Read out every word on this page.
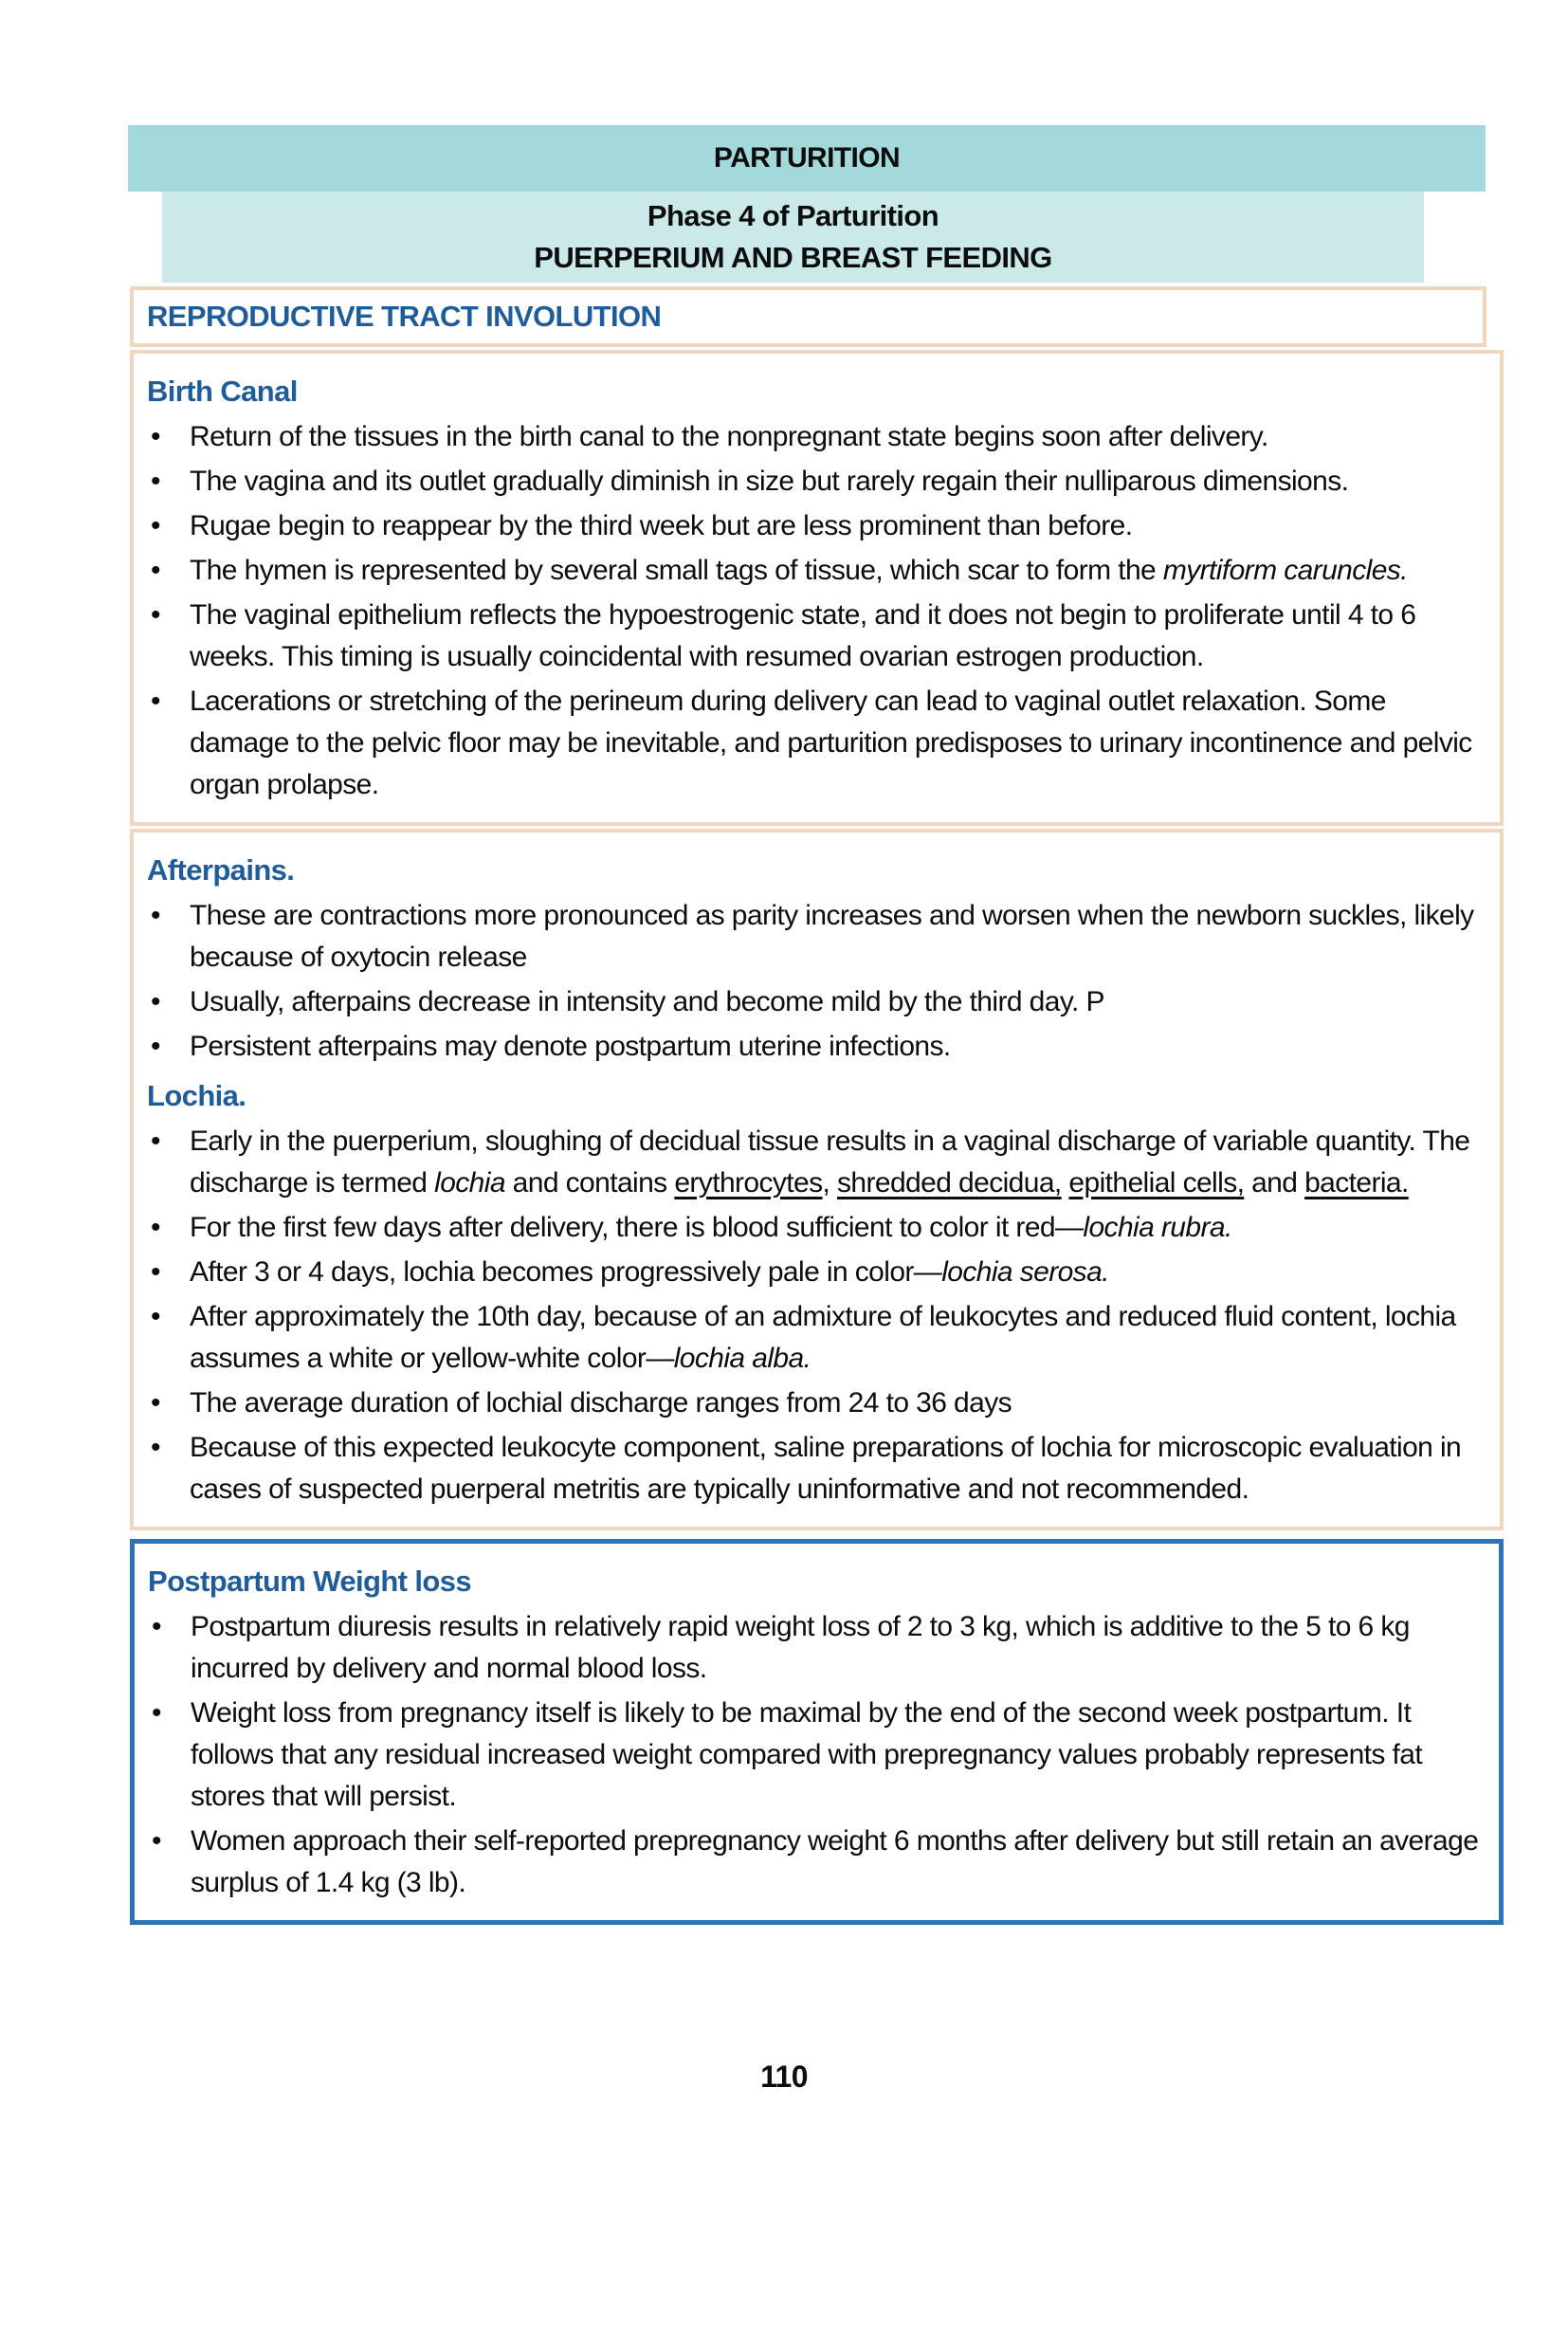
PARTURITION
Phase 4 of Parturition
PUERPERIUM AND BREAST FEEDING
REPRODUCTIVE TRACT INVOLUTION
Birth Canal
• Return of the tissues in the birth canal to the nonpregnant state begins soon after delivery.
• The vagina and its outlet gradually diminish in size but rarely regain their nulliparous dimensions.
• Rugae begin to reappear by the third week but are less prominent than before.
• The hymen is represented by several small tags of tissue, which scar to form the myrtiform caruncles.
• The vaginal epithelium reflects the hypoestrogenic state, and it does not begin to proliferate until 4 to 6 weeks. This timing is usually coincidental with resumed ovarian estrogen production.
• Lacerations or stretching of the perineum during delivery can lead to vaginal outlet relaxation. Some damage to the pelvic floor may be inevitable, and parturition predisposes to urinary incontinence and pelvic organ prolapse.
Afterpains.
• These are contractions more pronounced as parity increases and worsen when the newborn suckles, likely because of oxytocin release
• Usually, afterpains decrease in intensity and become mild by the third day. P
• Persistent afterpains may denote postpartum uterine infections.
Lochia.
• Early in the puerperium, sloughing of decidual tissue results in a vaginal discharge of variable quantity. The discharge is termed lochia and contains erythrocytes, shredded decidua, epithelial cells, and bacteria.
• For the first few days after delivery, there is blood sufficient to color it red—lochia rubra.
• After 3 or 4 days, lochia becomes progressively pale in color—lochia serosa.
• After approximately the 10th day, because of an admixture of leukocytes and reduced fluid content, lochia assumes a white or yellow-white color—lochia alba.
• The average duration of lochial discharge ranges from 24 to 36 days
• Because of this expected leukocyte component, saline preparations of lochia for microscopic evaluation in cases of suspected puerperal metritis are typically uninformative and not recommended.
Postpartum Weight loss
• Postpartum diuresis results in relatively rapid weight loss of 2 to 3 kg, which is additive to the 5 to 6 kg incurred by delivery and normal blood loss.
• Weight loss from pregnancy itself is likely to be maximal by the end of the second week postpartum. It follows that any residual increased weight compared with prepregnancy values probably represents fat stores that will persist.
• Women approach their self-reported prepregnancy weight 6 months after delivery but still retain an average surplus of 1.4 kg (3 lb).
110
